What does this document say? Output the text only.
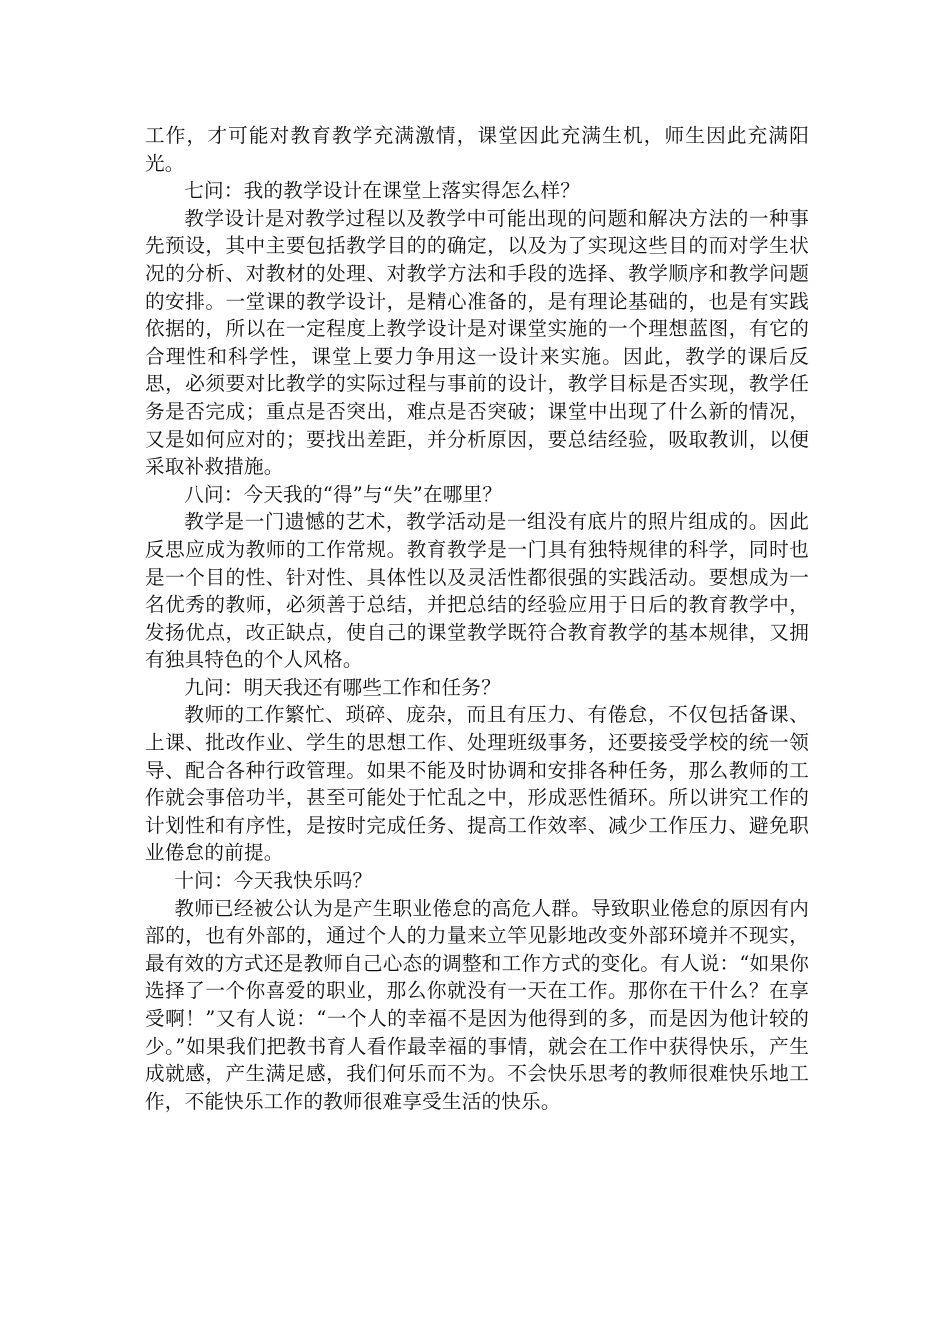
工作，才可能对教育教学充满激情，课堂因此充满生机，师生因此充满阳光。

七问：我的教学设计在课堂上落实得怎么样？

教学设计是对教学过程以及教学中可能出现的问题和解决方法的一种事先预设，其中主要包括教学目的的确定，以及为了实现这些目的而对学生状况的分析、对教材的处理、对教学方法和手段的选择、教学顺序和教学问题的安排。一堂课的教学设计，是精心准备的，是有理论基础的，也是有实践依据的，所以在一定程度上教学设计是对课堂实施的一个理想蓝图，有它的合理性和科学性，课堂上要力争用这一设计来实施。因此，教学的课后反思，必须要对比教学的实际过程与事前的设计，教学目标是否实现，教学任务是否完成；重点是否突出，难点是否突破；课堂中出现了什么新的情况，又是如何应对的；要找出差距，并分析原因，要总结经验，吸取教训，以便采取补救措施。

八问：今天我的“得”与“失”在哪里？

教学是一门遗憾的艺术，教学活动是一组没有底片的照片组成的。因此反思应成为教师的工作常规。教育教学是一门具有独特规律的科学，同时也是一个目的性、针对性、具体性以及灵活性都很强的实践活动。要想成为一名优秀的教师，必须善于总结，并把总结的经验应用于日后的教育教学中，发扬优点，改正缺点，使自己的课堂教学既符合教育教学的基本规律，又拥有独具特色的个人风格。

九问：明天我还有哪些工作和任务？

教师的工作繁忙、琐碎、庞杂，而且有压力、有倦怠，不仅包括备课、上课、批改作业、学生的思想工作、处理班级事务，还要接受学校的统一领导、配合各种行政管理。如果不能及时协调和安排各种任务，那么教师的工作就会事倍功半，甚至可能处于忙乱之中，形成恶性循环。所以讲究工作的计划性和有序性，是按时完成任务、提高工作效率、减少工作压力、避免职业倦怠的前提。

十问：今天我快乐吗？

教师已经被公认为是产生职业倦怠的高危人群。导致职业倦怠的原因有内部的，也有外部的，通过个人的力量来立竿见影地改变外部环境并不现实，最有效的方式还是教师自己心态的调整和工作方式的变化。有人说：“如果你选择了一个你喜爱的职业，那么你就没有一天在工作。那你在干什么？在享受啊！”又有人说：“一个人的幸福不是因为他得到的多，而是因为他计较的少。”如果我们把教书育人看作最幸福的事情，就会在工作中获得快乐，产生成就感，产生满足感，我们何乐而不为。不会快乐思考的教师很难快乐地工作，不能快乐工作的教师很难享受生活的快乐。
